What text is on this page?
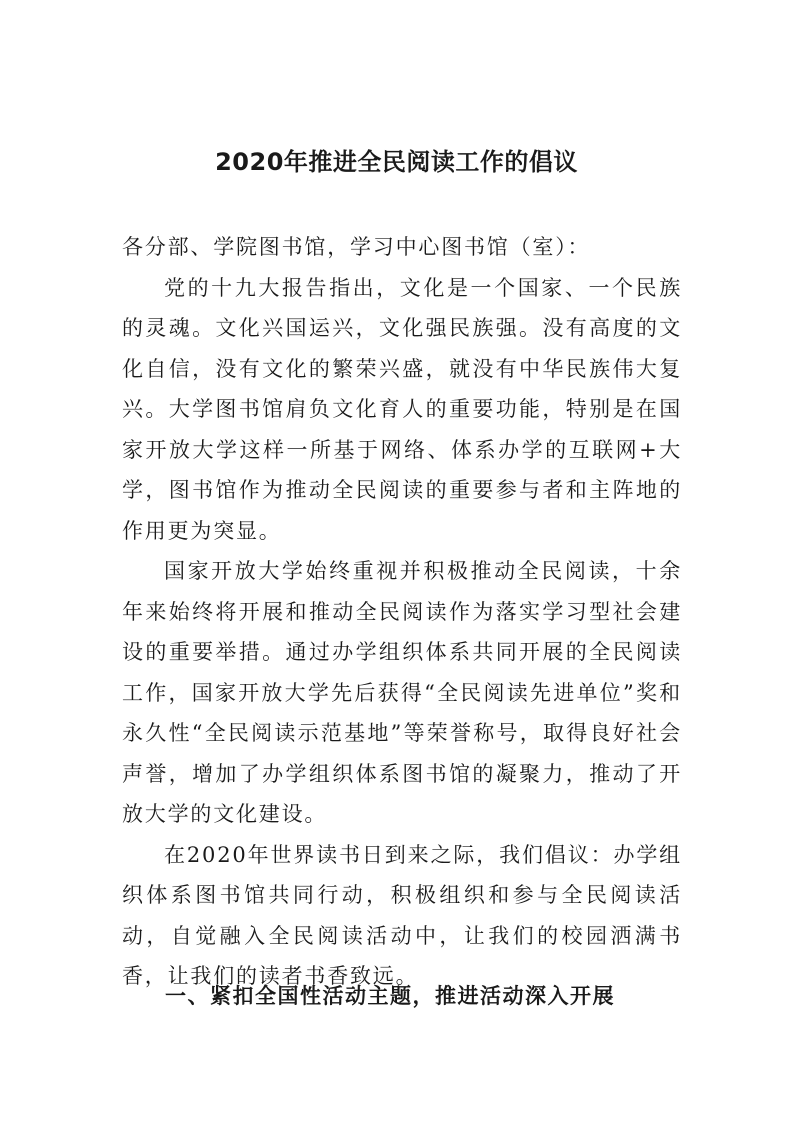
2020年推进全民阅读工作的倡议

各分部、学院图书馆，学习中心图书馆（室）：

党的十九大报告指出，文化是一个国家、一个民族的灵魂。文化兴国运兴，文化强民族强。没有高度的文化自信，没有文化的繁荣兴盛，就没有中华民族伟大复兴。大学图书馆肩负文化育人的重要功能，特别是在国家开放大学这样一所基于网络、体系办学的互联网+大学，图书馆作为推动全民阅读的重要参与者和主阵地的作用更为突显。

国家开放大学始终重视并积极推动全民阅读，十余年来始终将开展和推动全民阅读作为落实学习型社会建设的重要举措。通过办学组织体系共同开展的全民阅读工作，国家开放大学先后获得“全民阅读先进单位”奖和永久性“全民阅读示范基地”等荣誉称号，取得良好社会声誉，增加了办学组织体系图书馆的凝聚力，推动了开放大学的文化建设。

在2020年世界读书日到来之际，我们倡议：办学组织体系图书馆共同行动，积极组织和参与全民阅读活动，自觉融入全民阅读活动中，让我们的校园洒满书香，让我们的读者书香致远。

一、紧扣全国性活动主题，推进活动深入开展
